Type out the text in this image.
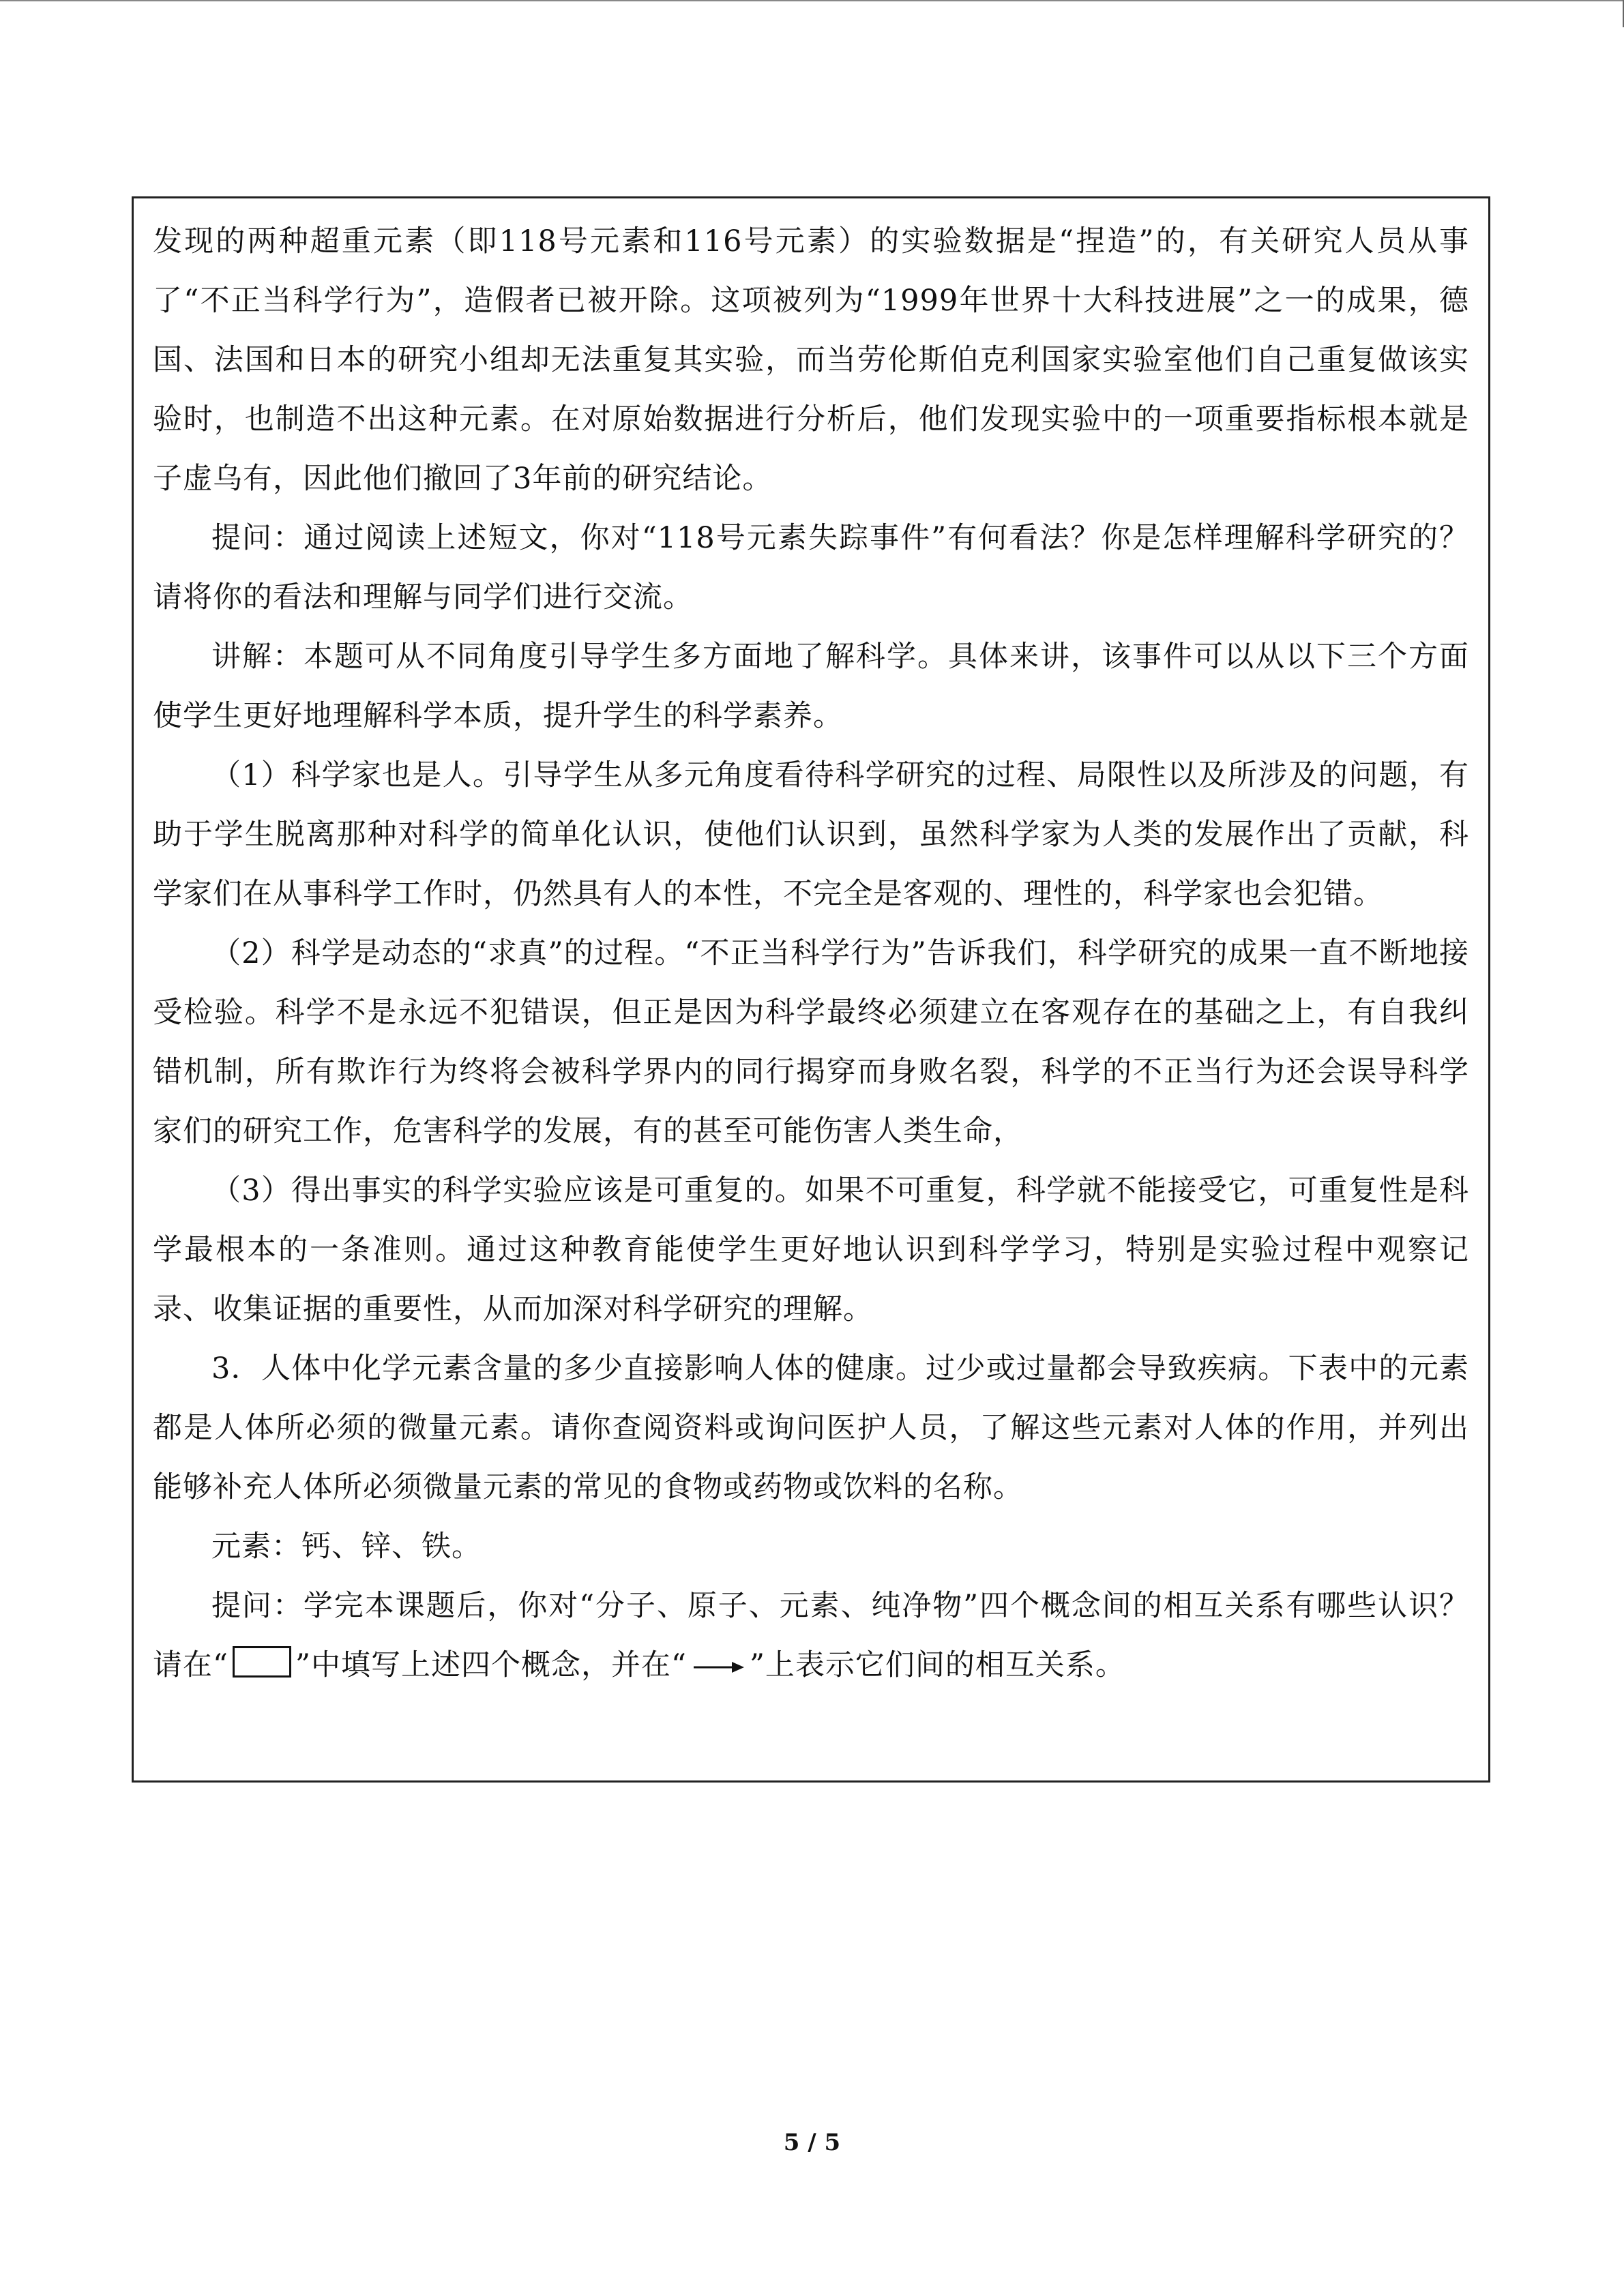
发现的两种超重元素（即118号元素和116号元素）的实验数据是“捏造”的，有关研究人员从事了“不正当科学行为”，造假者已被开除。这项被列为“1999年世界十大科技进展”之一的成果，德国、法国和日本的研究小组却无法重复其实验，而当劳伦斯伯克利国家实验室他们自己重复做该实验时，也制造不出这种元素。在对原始数据进行分析后，他们发现实验中的一项重要指标根本就是子虚乌有，因此他们撤回了3年前的研究结论。

提问：通过阅读上述短文，你对“118号元素失踪事件”有何看法？你是怎样理解科学研究的？请将你的看法和理解与同学们进行交流。

讲解：本题可从不同角度引导学生多方面地了解科学。具体来讲，该事件可以从以下三个方面使学生更好地理解科学本质，提升学生的科学素养。

（1）科学家也是人。引导学生从多元角度看待科学研究的过程、局限性以及所涉及的问题，有助于学生脱离那种对科学的简单化认识，使他们认识到，虽然科学家为人类的发展作出了贡献，科学家们在从事科学工作时，仍然具有人的本性，不完全是客观的、理性的，科学家也会犯错。

（2）科学是动态的“求真”的过程。“不正当科学行为”告诉我们，科学研究的成果一直不断地接受检验。科学不是永远不犯错误，但正是因为科学最终必须建立在客观存在的基础之上，有自我纠错机制，所有欺诈行为终将会被科学界内的同行揭穿而身败名裂，科学的不正当行为还会误导科学家们的研究工作，危害科学的发展，有的甚至可能伤害人类生命，

（3）得出事实的科学实验应该是可重复的。如果不可重复，科学就不能接受它，可重复性是科学最根本的一条准则。通过这种教育能使学生更好地认识到科学学习，特别是实验过程中观察记录、收集证据的重要性，从而加深对科学研究的理解。

3．人体中化学元素含量的多少直接影响人体的健康。过少或过量都会导致疾病。下表中的元素都是人体所必须的微量元素。请你查阅资料或询问医护人员，了解这些元素对人体的作用，并列出能够补充人体所必须微量元素的常见的食物或药物或饮料的名称。

元素：钙、锌、铁。

提问：学完本课题后，你对“分子、原子、元素、纯净物”四个概念间的相互关系有哪些认识？请在“ ”中填写上述四个概念，并在“ ”上表示它们间的相互关系。

5 / 5
